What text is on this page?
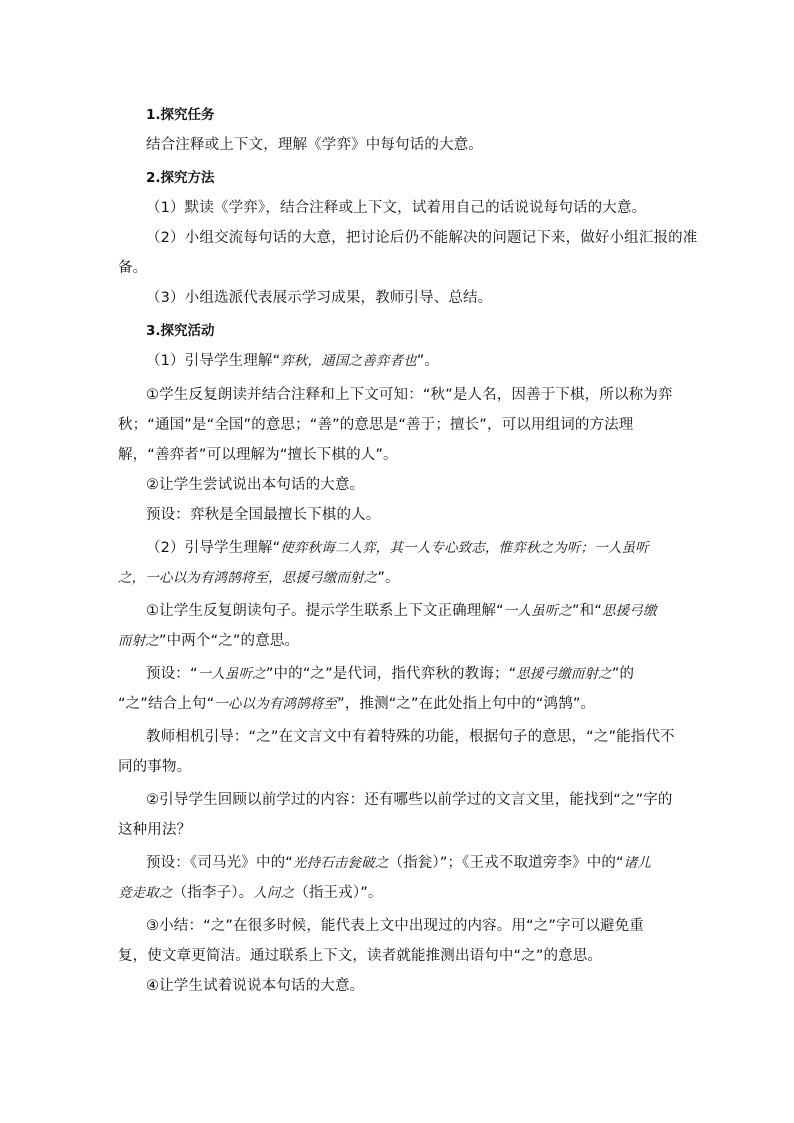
1.探究任务
结合注释或上下文，理解《学弈》中每句话的大意。
2.探究方法
（1）默读《学弈》，结合注释或上下文，试着用自己的话说说每句话的大意。
（2）小组交流每句话的大意，把讨论后仍不能解决的问题记下来，做好小组汇报的准
备。
（3）小组选派代表展示学习成果，教师引导、总结。
3.探究活动
（1）引导学生理解“弈秋，通国之善弈者也”。
①学生反复朗读并结合注释和上下文可知：“秋”是人名，因善于下棋，所以称为弈
秋；“通国”是“全国”的意思；“善”的意思是“善于；擅长”，可以用组词的方法理
解，“善弈者”可以理解为“擅长下棋的人”。
②让学生尝试说出本句话的大意。
预设：弈秋是全国最擅长下棋的人。
（2）引导学生理解“使弈秋诲二人弈，其一人专心致志，惟弈秋之为听；一人虽听
之，一心以为有鸿鹄将至，思援弓缴而射之”。
①让学生反复朗读句子。提示学生联系上下文正确理解“一人虽听之”和“思援弓缴
而射之”中两个“之”的意思。
预设：“一人虽听之”中的“之”是代词，指代弈秋的教诲；“思援弓缴而射之”的
“之”结合上句“一心以为有鸿鹄将至”，推测“之”在此处指上句中的“鸿鹄”。
教师相机引导：“之”在文言文中有着特殊的功能，根据句子的意思，“之”能指代不
同的事物。
②引导学生回顾以前学过的内容：还有哪些以前学过的文言文里，能找到“之”字的
这种用法？
预设：《司马光》中的“光持石击瓮破之（指瓮）”；《王戎不取道旁李》中的“诸儿
竞走取之（指李子）。人问之（指王戎）”。
③小结：“之”在很多时候，能代表上文中出现过的内容。用“之”字可以避免重
复，使文章更简洁。通过联系上下文，读者就能推测出语句中“之”的意思。
④让学生试着说说本句话的大意。
